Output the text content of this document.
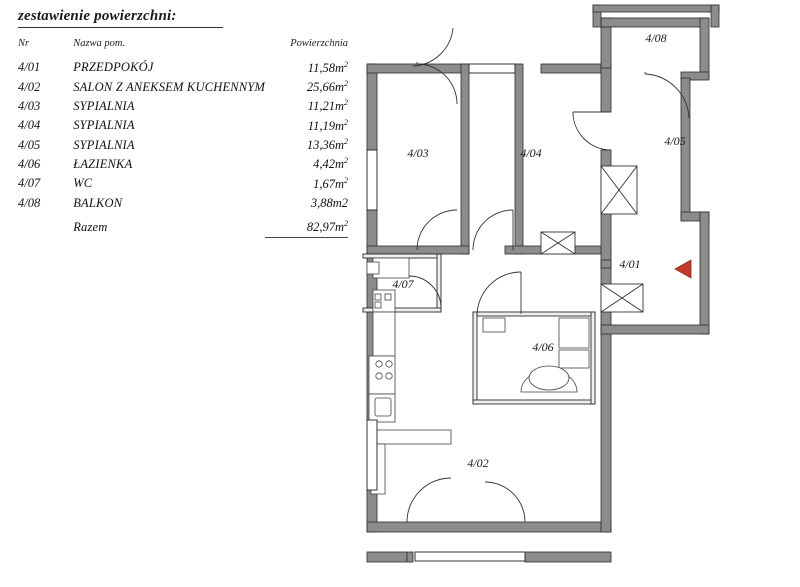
zestawienie powierzchni:
Nr	Nazwa pom.	Powierzchnia
4/01	PRZEDPOKÓJ	$11,58m^2$
4/02	SALON Z ANEKSEM KUCHENNYM	$25,66m^2$
4/03	SYPIALNIA	$11,21m^2$
4/04	SYPIALNIA	$11,19m^2$
4/05	SYPIALNIA	$13,36m^2$
4/06	ŁAZIENKA	$4,42m^2$
4/07	WC	$1,67m^2$
4/08	BALKON	3,88m2
	Razem	$82,97m^2$
4/08
4/05
4/03	4/04
4/01
4/07
4/06
4/02
